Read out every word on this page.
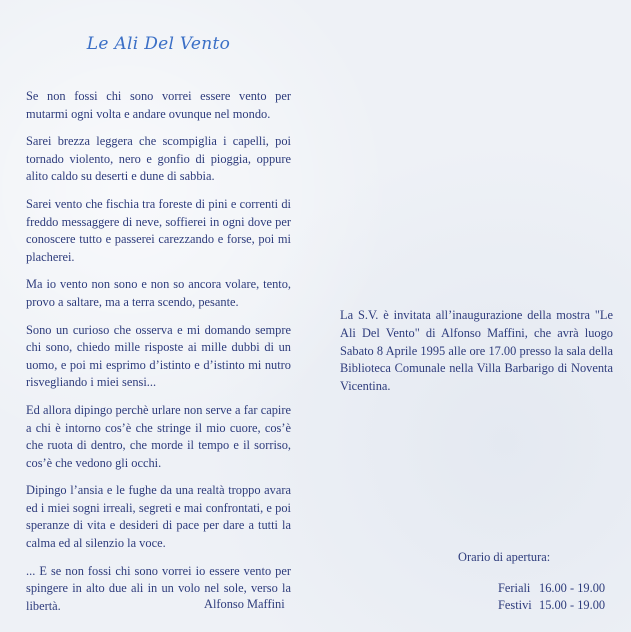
Le Ali Del Vento

Se non fossi chi sono vorrei essere vento per mutarmi ogni volta e andare ovunque nel mondo.

Sarei brezza leggera che scompiglia i capelli, poi tornado violento, nero e gonfio di pioggia, oppure alito caldo su deserti e dune di sabbia.

Sarei vento che fischia tra foreste di pini e correnti di freddo messaggere di neve, soffierei in ogni dove per conoscere tutto e passerei carezzando e forse, poi mi placherei.

Ma io vento non sono e non so ancora volare, tento, provo a saltare, ma a terra scendo, pesante.

Sono un curioso che osserva e mi domando sempre chi sono, chiedo mille risposte ai mille dubbi di un uomo, e poi mi esprimo d’istinto e d’istinto mi nutro risvegliando i miei sensi...

Ed allora dipingo perchè urlare non serve a far capire a chi è intorno cos’è che stringe il mio cuore, cos’è che ruota di dentro, che morde il tempo e il sorriso, cos’è che vedono gli occhi.

Dipingo l’ansia e le fughe da una realtà troppo avara ed i miei sogni irreali, segreti e mai confrontati, e poi speranze di vita e desideri di pace per dare a tutti la calma ed al silenzio la voce.

... E se non fossi chi sono vorrei io essere vento per spingere in alto due ali in un volo nel sole, verso la libertà.	Alfonso Maffini
La S.V. è invitata all’inaugurazione della mostra "Le Ali Del Vento" di Alfonso Maffini, che avrà luogo Sabato 8 Aprile 1995 alle ore 17.00 presso la sala della Biblioteca Comunale nella Villa Barbarigo di Noventa Vicentina.
Orario di apertura:
Feriali 16.00 - 19.00
Festivi 15.00 - 19.00
